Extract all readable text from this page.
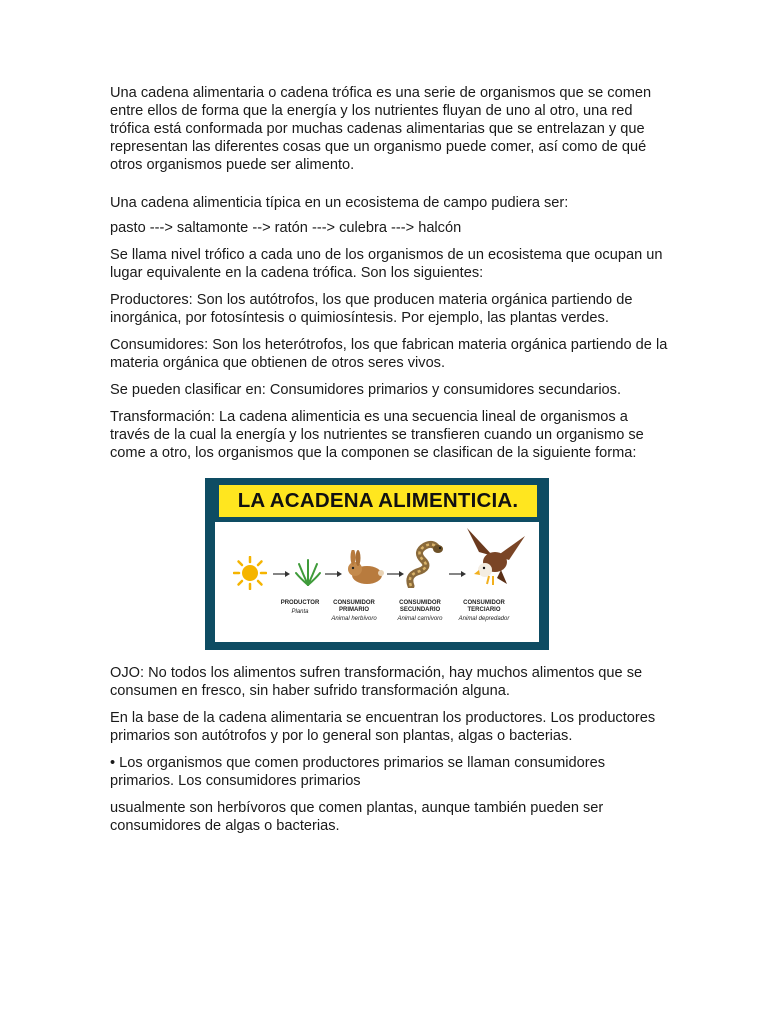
Una cadena alimentaria o cadena trófica es una serie de organismos que se comen entre ellos de forma que la energía y los nutrientes fluyan de uno al otro, una red trófica está conformada por muchas cadenas alimentarias que se entrelazan y que representan las diferentes cosas que un organismo puede comer, así como de qué otros organismos puede ser alimento.

Una cadena alimenticia típica en un ecosistema de campo pudiera ser:

pasto ---> saltamonte --> ratón ---> culebra ---> halcón

Se llama nivel trófico a cada uno de los organismos de un ecosistema que ocupan un lugar equivalente en la cadena trófica. Son los siguientes:

Productores: Son los autótrofos, los que producen materia orgánica partiendo de inorgánica, por fotosíntesis o quimiosíntesis. Por ejemplo, las plantas verdes.

Consumidores: Son los heterótrofos, los que fabrican materia orgánica partiendo de la materia orgánica que obtienen de otros seres vivos.

Se pueden clasificar en: Consumidores primarios y consumidores secundarios.

Transformación: La cadena alimenticia es una secuencia lineal de organismos a través de la cual la energía y los nutrientes se transfieren cuando un organismo se come a otro, los organismos que la componen se clasifican de la siguiente forma:

LA ACADENA ALIMENTICIA.
PRODUCTOR
Planta
CONSUMIDOR PRIMARIO
Animal herbívoro
CONSUMIDOR SECUNDARIO
Animal carnívoro
CONSUMIDOR TERCIARIO
Animal depredador

OJO: No todos los alimentos sufren transformación, hay muchos alimentos que se consumen en fresco, sin haber sufrido transformación alguna.

En la base de la cadena alimentaria se encuentran los productores. Los productores primarios son autótrofos y por lo general son plantas, algas o bacterias.

• Los organismos que comen productores primarios se llaman consumidores primarios. Los consumidores primarios

usualmente son herbívoros que comen plantas, aunque también pueden ser consumidores de algas o bacterias.
